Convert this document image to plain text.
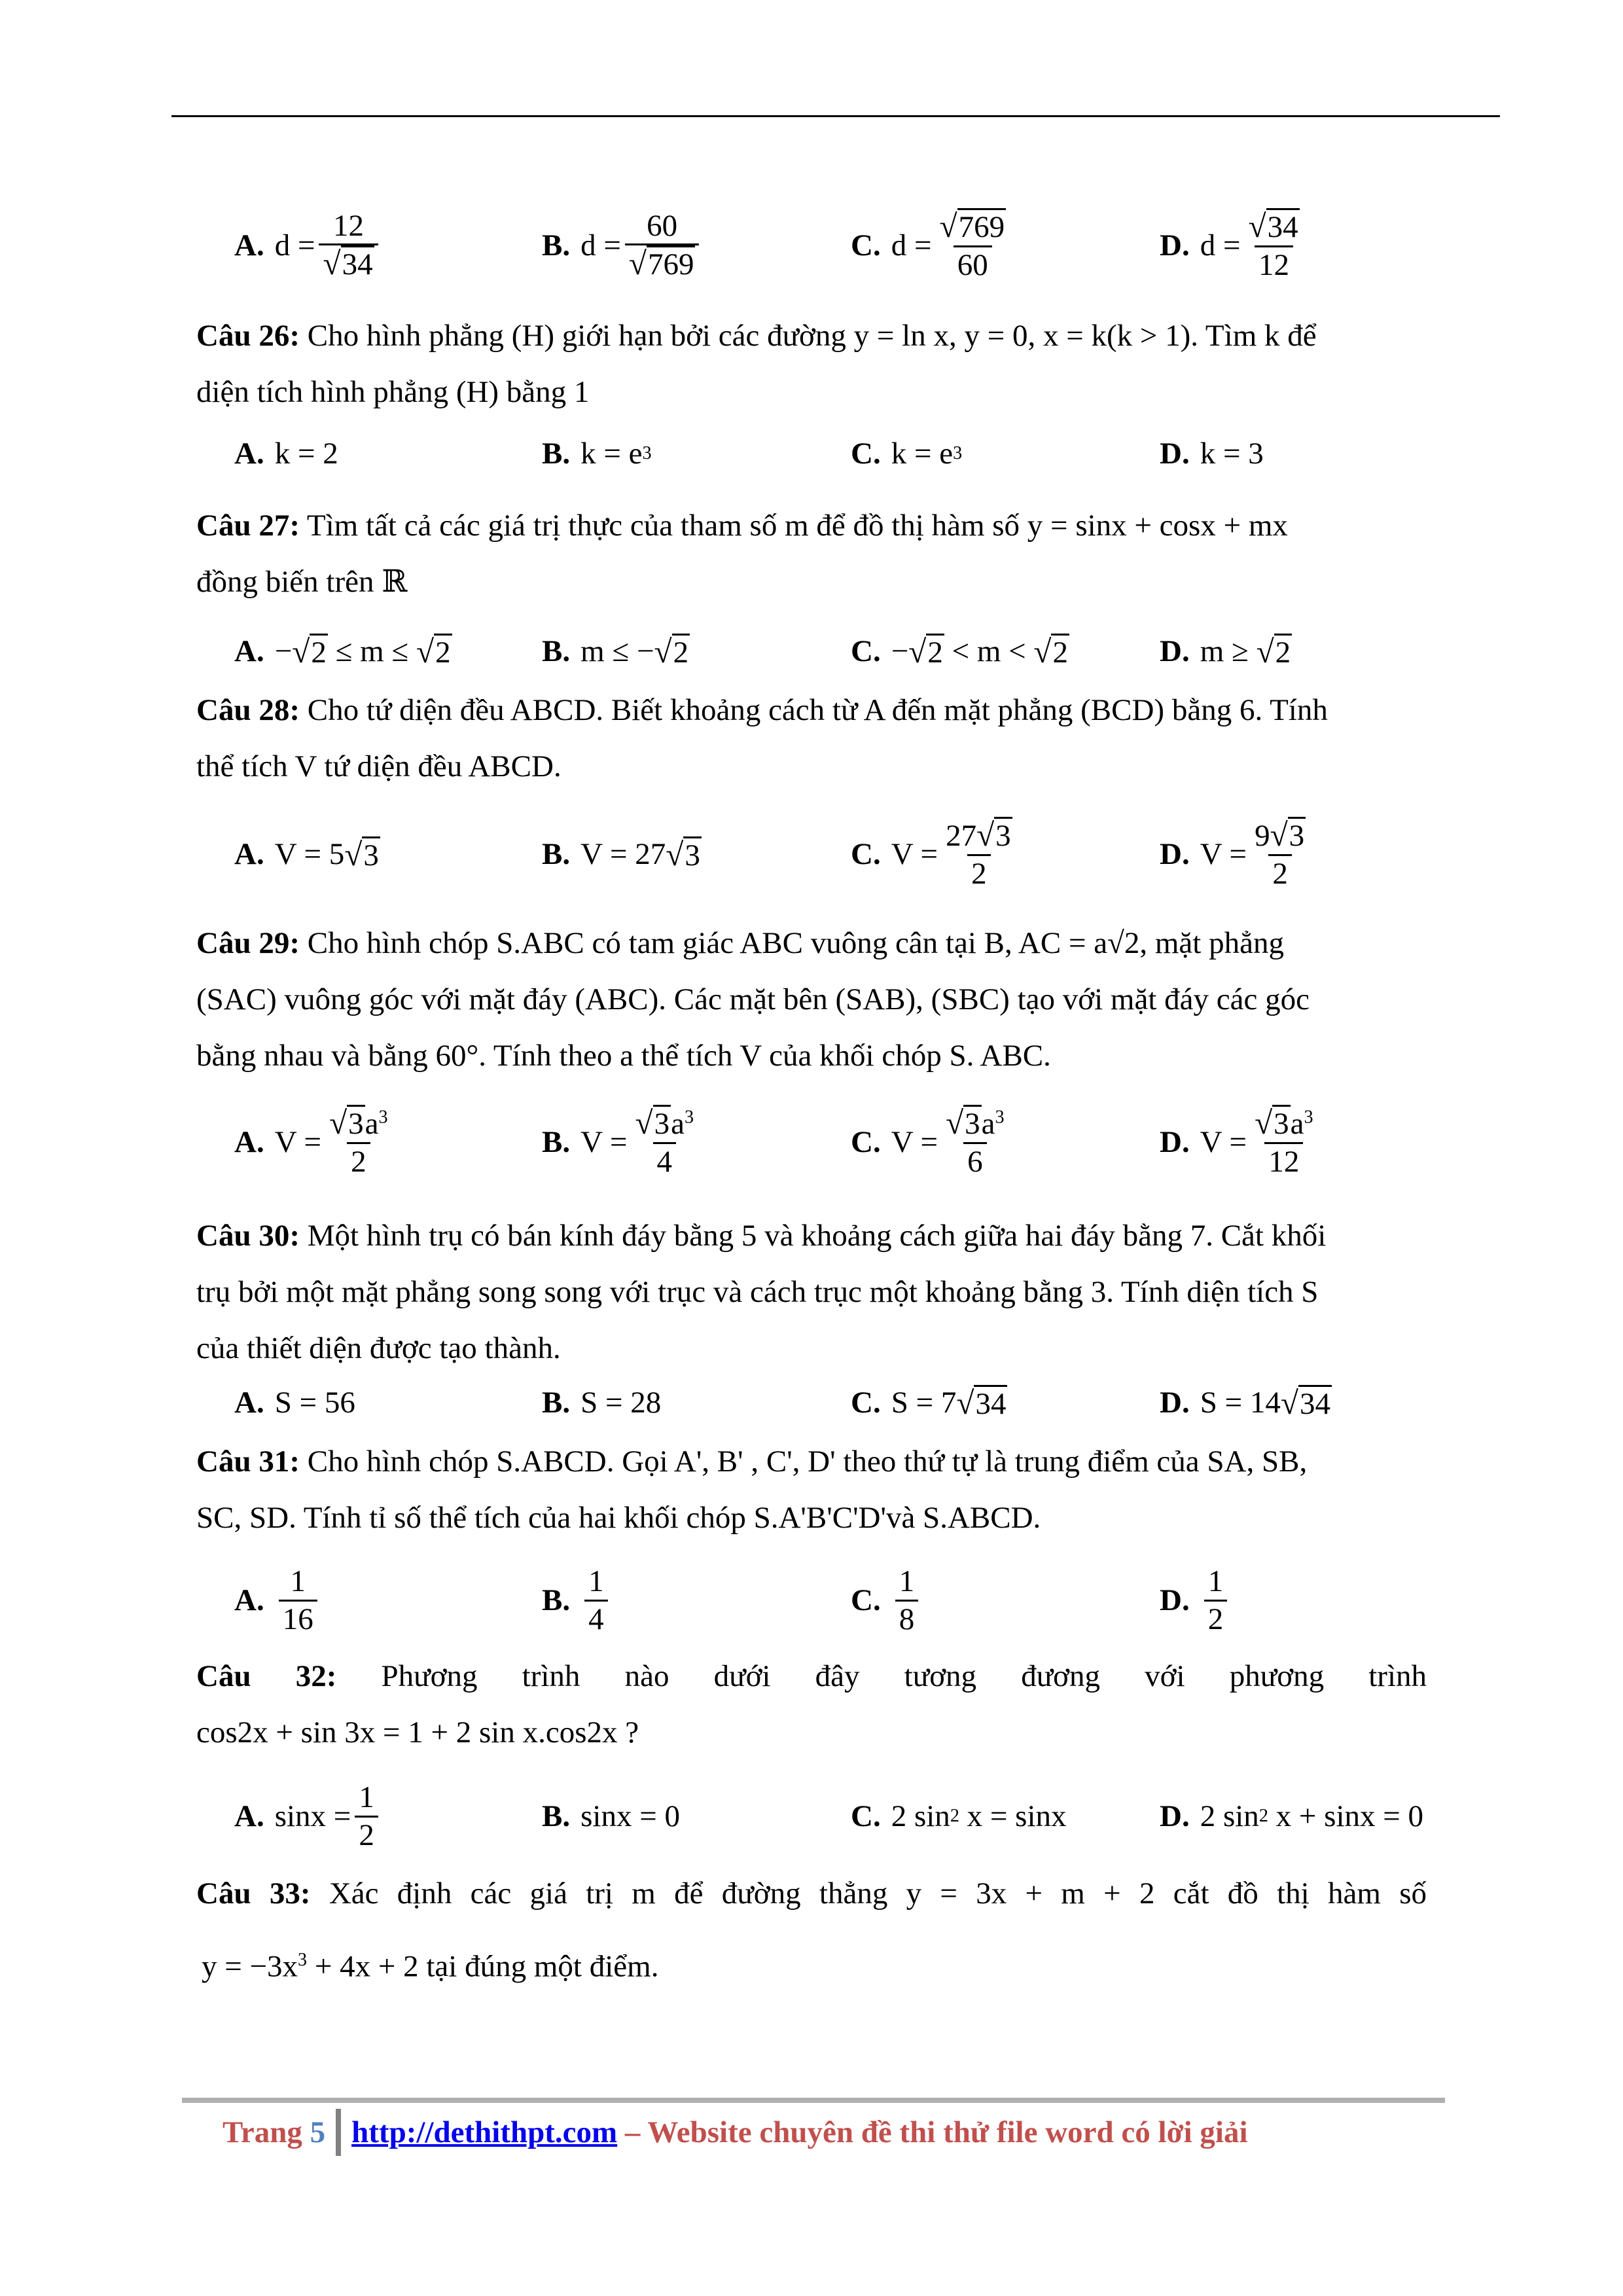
A. $d = \frac{12}{√34}$	B. $d = \frac{60}{√769}$	C. $d = \frac{√769}{60}$	D. $d = \frac{√34}{12}$
Câu 26: Cho hình phẳng (H) giới hạn bởi các đường y = ln x, y = 0, x = k(k > 1). Tìm k để
diện tích hình phẳng (H) bằng 1
A. k = 2	B. k = e 3	C. k = e 3	D. k = 3
Câu 27: Tìm tất cả các giá trị thực của tham số m để đồ thị hàm số y = sinx + cosx + mx
đồng biến trên ℝ
A. − √2 ≤ m ≤ √2	B. m ≤ − √2	C. − √2 < m < √2	D. m ≥ √2
Câu 28: Cho tứ diện đều ABCD. Biết khoảng cách từ A đến mặt phẳng (BCD) bằng 6. Tính
thể tích V tứ diện đều ABCD.
A. V = 5 √3	B. V = 27 √3	C. $V = \frac{27√3}{2}$	D. $V = \frac{9√3}{2}$
Câu 29: Cho hình chóp S.ABC có tam giác ABC vuông cân tại B, AC = a√2, mặt phẳng
(SAC) vuông góc với mặt đáy (ABC). Các mặt bên (SAB), (SBC) tạo với mặt đáy các góc
bằng nhau và bằng 60°. Tính theo a thể tích V của khối chóp S. ABC.
A. $V = \frac{√3a^3}{2}$	B. $V = \frac{√3a^3}{4}$	C. $V = \frac{√3a^3}{6}$	D. $V = \frac{√3a^3}{12}$
Câu 30: Một hình trụ có bán kính đáy bằng 5 và khoảng cách giữa hai đáy bằng 7. Cắt khối
trụ bởi một mặt phẳng song song với trục và cách trục một khoảng bằng 3. Tính diện tích S
của thiết diện được tạo thành.
A. S = 56	B. S = 28	C. S = 7 √34	D. S = 14 √34
Câu 31: Cho hình chóp S.ABCD. Gọi A', B' , C', D' theo thứ tự là trung điểm của SA, SB,
SC, SD. Tính tỉ số thể tích của hai khối chóp S.A'B'C'D'và S.ABCD.
A. $\frac{1}{16}$	B. $\frac{1}{4}$	C. $\frac{1}{8}$	D. $\frac{1}{2}$
Câu 32: Phương trình nào dưới đây tương đương với phương trình
cos2x + sin 3x = 1 + 2 sin x.cos2x ?
A. $\sin x = \frac{1}{2}$	B. sinx = 0	C. 2 sin 2 x = sinx	D. 2 sin 2 x + sinx = 0
Câu 33: Xác định các giá trị m để đường thẳng y = 3x + m + 2 cắt đồ thị hàm số
$y = -3x^3 + 4x + 2$ tại đúng một điểm.
Trang
5 http://dethithpt.com – Website chuyên đề thi thử file word có lời giải
